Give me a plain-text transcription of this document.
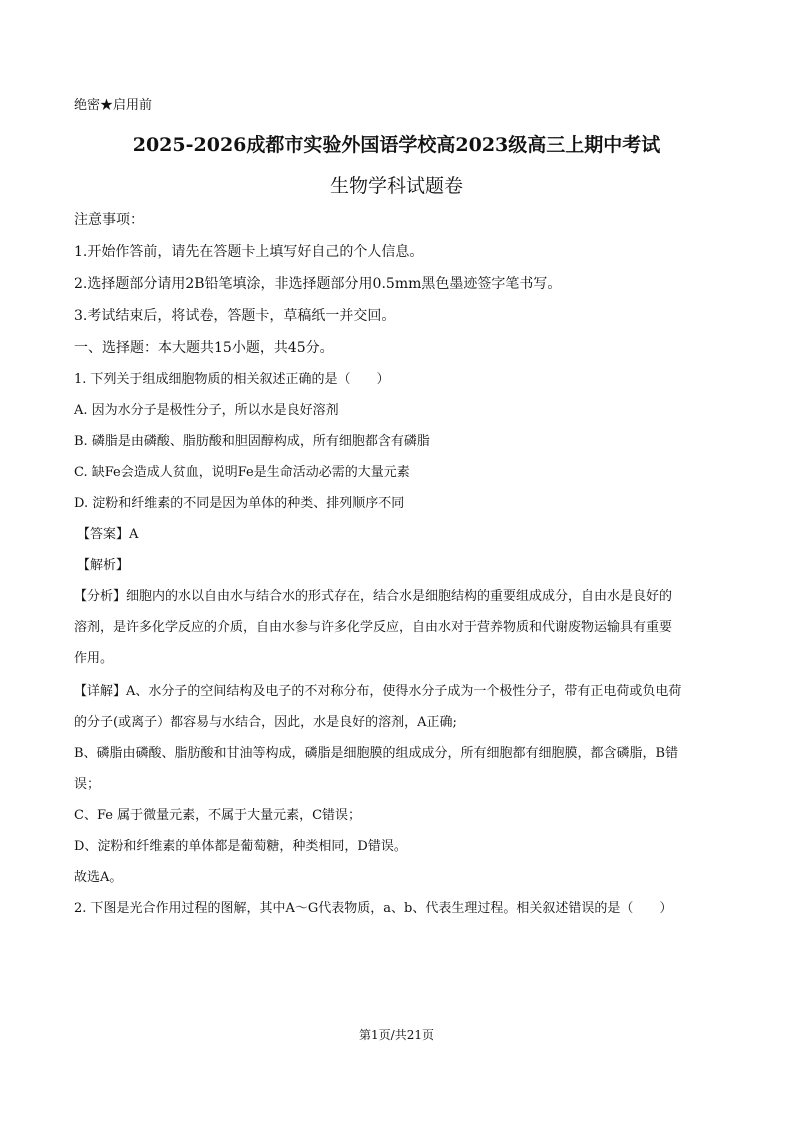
绝密★启用前
2025-2026成都市实验外国语学校高2023级高三上期中考试
生物学科试题卷
注意事项：
1.开始作答前，请先在答题卡上填写好自己的个人信息。
2.选择题部分请用2B铅笔填涂，非选择题部分用0.5mm黑色墨迹签字笔书写。
3.考试结束后，将试卷，答题卡，草稿纸一并交回。
一、选择题：本大题共15小题，共45分。
1. 下列关于组成细胞物质的相关叙述正确的是（　　）
A. 因为水分子是极性分子，所以水是良好溶剂
B. 磷脂是由磷酸、脂肪酸和胆固醇构成，所有细胞都含有磷脂
C. 缺Fe会造成人贫血，说明Fe是生命活动必需的大量元素
D. 淀粉和纤维素的不同是因为单体的种类、排列顺序不同
【答案】A
【解析】
【分析】细胞内的水以自由水与结合水的形式存在，结合水是细胞结构的重要组成成分，自由水是良好的
溶剂，是许多化学反应的介质，自由水参与许多化学反应，自由水对于营养物质和代谢废物运输具有重要
作用。
【详解】A、水分子的空间结构及电子的不对称分布，使得水分子成为一个极性分子，带有正电荷或负电荷
的分子(或离子）都容易与水结合，因此，水是良好的溶剂，A正确;
B、磷脂由磷酸、脂肪酸和甘油等构成，磷脂是细胞膜的组成成分，所有细胞都有细胞膜，都含磷脂，B错
误；
C、Fe 属于微量元素，不属于大量元素，C错误；
D、淀粉和纤维素的单体都是葡萄糖，种类相同，D错误。
故选A。
2. 下图是光合作用过程的图解，其中A～G代表物质，a、b、代表生理过程。相关叙述错误的是（　　）
第1页/共21页
